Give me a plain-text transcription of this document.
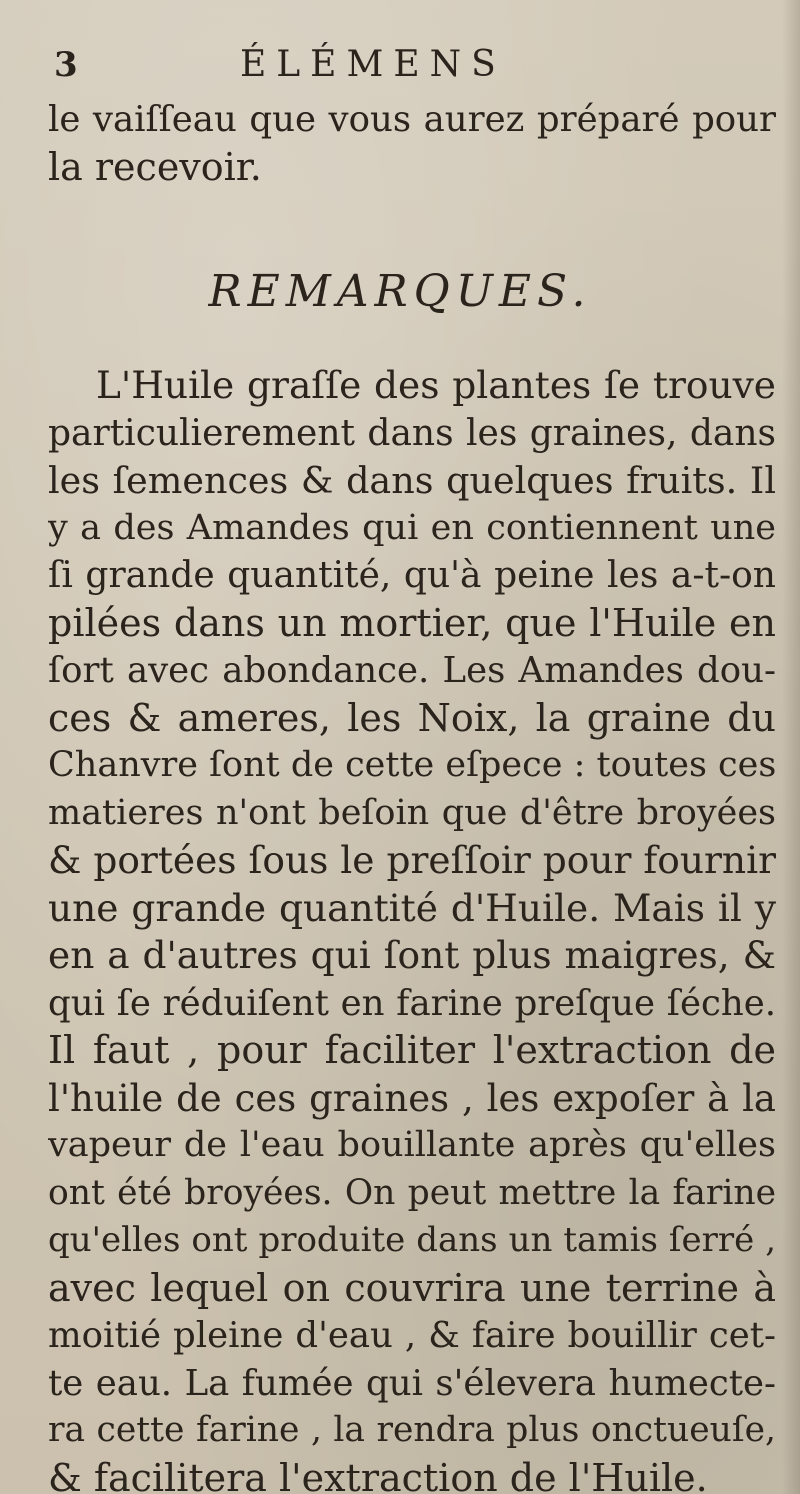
3	ÉLÉMENS
le vaiſſeau que vous aurez préparé pour
la recevoir.
REMARQUES.
L'Huile graſſe des plantes ſe trouve
particulierement dans les graines, dans
les ſemences & dans quelques fruits. Il
y a des Amandes qui en contiennent une
ſi grande quantité, qu'à peine les a-t-on
pilées dans un mortier, que l'Huile en
ſort avec abondance. Les Amandes dou-
ces & ameres, les Noix, la graine du
Chanvre ſont de cette eſpece : toutes ces
matieres n'ont beſoin que d'être broyées
& portées ſous le preſſoir pour fournir
une grande quantité d'Huile. Mais il y
en a d'autres qui ſont plus maigres, &
qui ſe réduiſent en farine preſque ſéche.
Il faut , pour faciliter l'extraction de
l'huile de ces graines , les expoſer à la
vapeur de l'eau bouillante après qu'elles
ont été broyées. On peut mettre la farine
qu'elles ont produite dans un tamis ſerré ,
avec lequel on couvrira une terrine à
moitié pleine d'eau , & faire bouillir cet-
te eau. La fumée qui s'élevera humecte-
ra cette farine , la rendra plus onctueuſe,
& facilitera l'extraction de l'Huile.
